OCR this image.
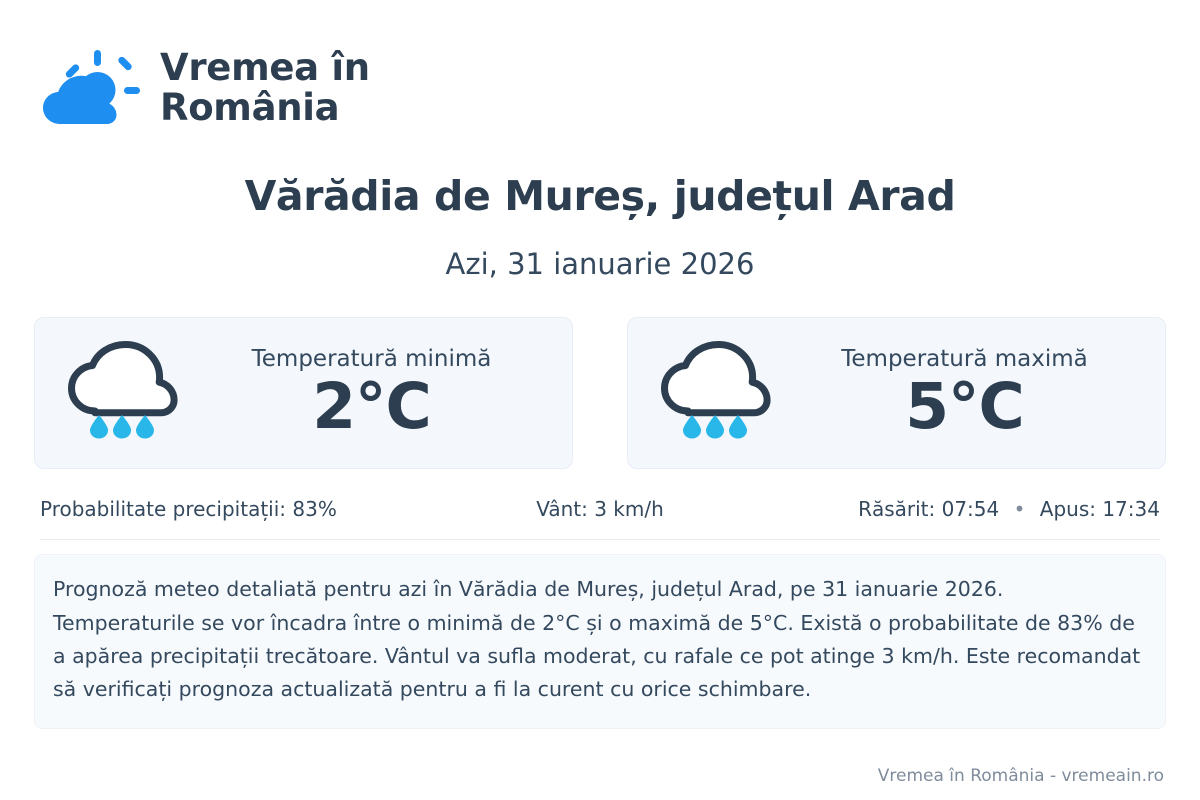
Vremea în
România
Vărădia de Mureș, județul Arad
Azi, 31 ianuarie 2026
Temperatură minimă
2°C
Temperatură maximă
5°C
Probabilitate precipitații: 83%	Vânt: 3 km/h	Răsărit: 07:54 • Apus: 17:34
Prognoză meteo detaliată pentru azi în Vărădia de Mureș, județul Arad, pe 31 ianuarie 2026. Temperaturile se vor încadra între o minimă de 2°C și o maximă de 5°C. Există o probabilitate de 83% de a apărea precipitații trecătoare. Vântul va sufla moderat, cu rafale ce pot atinge 3 km/h. Este recomandat să verificați prognoza actualizată pentru a fi la curent cu orice schimbare.
Vremea în România - vremeain.ro
